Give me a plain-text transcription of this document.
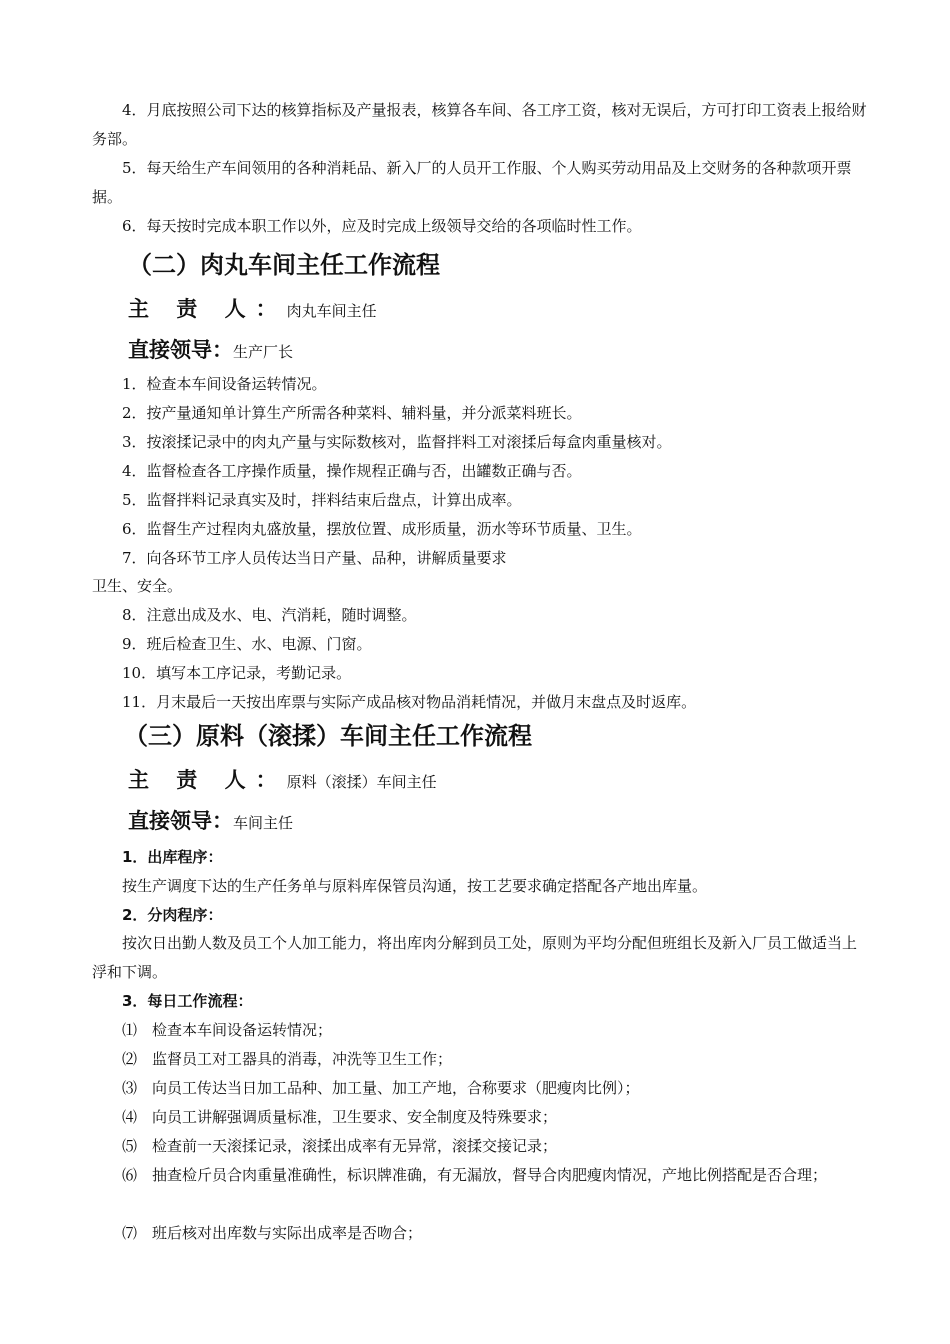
4．月底按照公司下达的核算指标及产量报表，核算各车间、各工序工资，核对无误后，方可打印工资表上报给财务部。
5．每天给生产车间领用的各种消耗品、新入厂的人员开工作服、个人购买劳动用品及上交财务的各种款项开票据。
6．每天按时完成本职工作以外，应及时完成上级领导交给的各项临时性工作。
（二）肉丸车间主任工作流程
主 责 人：肉丸车间主任
直接领导：生产厂长
1．检查本车间设备运转情况。
2．按产量通知单计算生产所需各种菜料、辅料量，并分派菜料班长。
3．按滚揉记录中的肉丸产量与实际数核对，监督拌料工对滚揉后每盒肉重量核对。
4．监督检查各工序操作质量，操作规程正确与否，出罐数正确与否。
5．监督拌料记录真实及时，拌料结束后盘点，计算出成率。
6．监督生产过程肉丸盛放量，摆放位置、成形质量，沥水等环节质量、卫生。
7．向各环节工序人员传达当日产量、品种，讲解质量要求
卫生、安全。
8．注意出成及水、电、汽消耗，随时调整。
9．班后检查卫生、水、电源、门窗。
10．填写本工序记录，考勤记录。
11．月末最后一天按出库票与实际产成品核对物品消耗情况，并做月末盘点及时返库。
（三）原料（滚揉）车间主任工作流程
主 责 人：原料（滚揉）车间主任
直接领导：车间主任
1．出库程序：
按生产调度下达的生产任务单与原料库保管员沟通，按工艺要求确定搭配各产地出库量。
2．分肉程序：
按次日出勤人数及员工个人加工能力，将出库肉分解到员工处，原则为平均分配但班组长及新入厂员工做适当上浮和下调。
3．每日工作流程：
⑴　检查本车间设备运转情况；
⑵　监督员工对工器具的消毒，冲洗等卫生工作；
⑶　向员工传达当日加工品种、加工量、加工产地，合称要求（肥瘦肉比例）；
⑷　向员工讲解强调质量标准，卫生要求、安全制度及特殊要求；
⑸　检查前一天滚揉记录，滚揉出成率有无异常，滚揉交接记录；
⑹　抽查检斤员合肉重量准确性，标识牌准确，有无漏放，督导合肉肥瘦肉情况，产地比例搭配是否合理；
⑺　班后核对出库数与实际出成率是否吻合；
